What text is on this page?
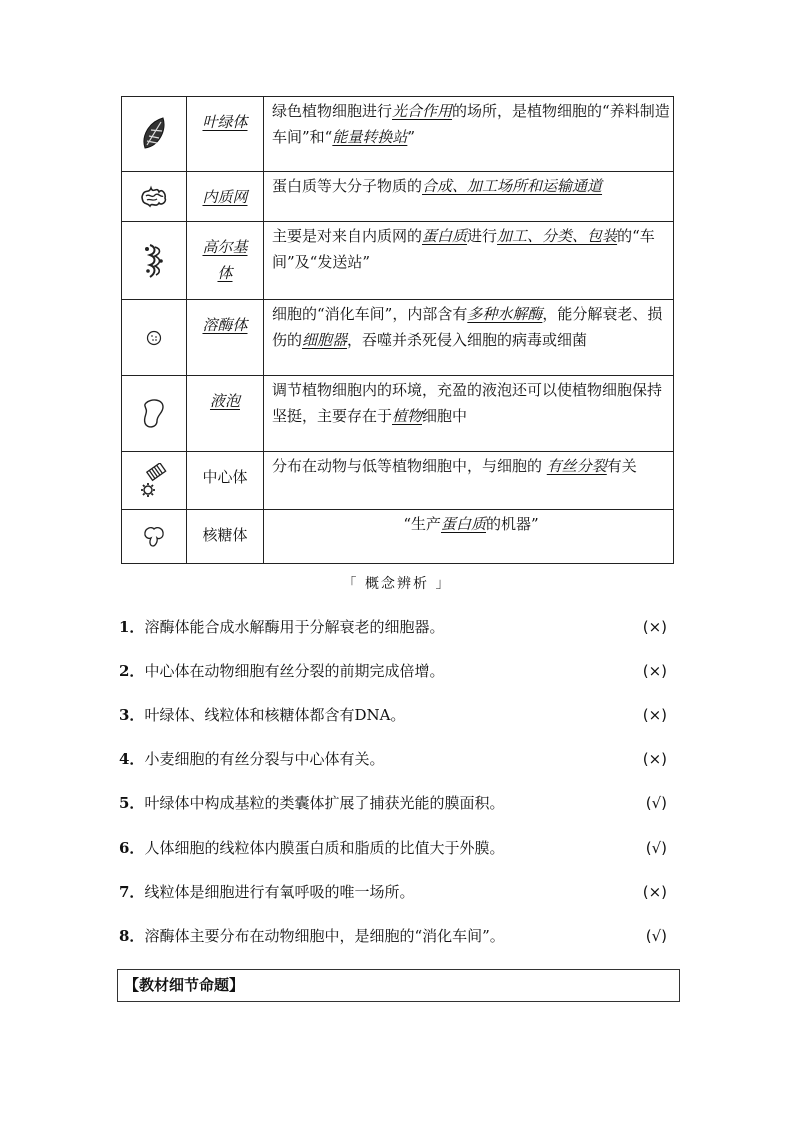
	叶绿体	绿色植物细胞进行光合作用的场所，是植物细胞的“养料制造车间”和“能量转换站”

	内质网	蛋白质等大分子物质的合成、加工场所和运输通道

	高尔基体	主要是对来自内质网的蛋白质进行加工、分类、包装的“车间”及“发送站”

	溶酶体	细胞的“消化车间”，内部含有多种水解酶，能分解衰老、损伤的细胞器，吞噬并杀死侵入细胞的病毒或细菌

	液泡	调节植物细胞内的环境，充盈的液泡还可以使植物细胞保持坚挺，主要存在于植物细胞中

	中心体	分布在动物与低等植物细胞中，与细胞的 有丝分裂有关

	核糖体	“生产蛋白质的机器”
「 概念辨析 」
1．溶酶体能合成水解酶用于分解衰老的细胞器。	(×)
2．中心体在动物细胞有丝分裂的前期完成倍增。	(×)
3．叶绿体、线粒体和核糖体都含有DNA。	(×)
4．小麦细胞的有丝分裂与中心体有关。	(×)
5．叶绿体中构成基粒的类囊体扩展了捕获光能的膜面积。	(√)
6．人体细胞的线粒体内膜蛋白质和脂质的比值大于外膜。	(√)
7．线粒体是细胞进行有氧呼吸的唯一场所。	(×)
8．溶酶体主要分布在动物细胞中，是细胞的“消化车间”。	(√)
【教材细节命题】
